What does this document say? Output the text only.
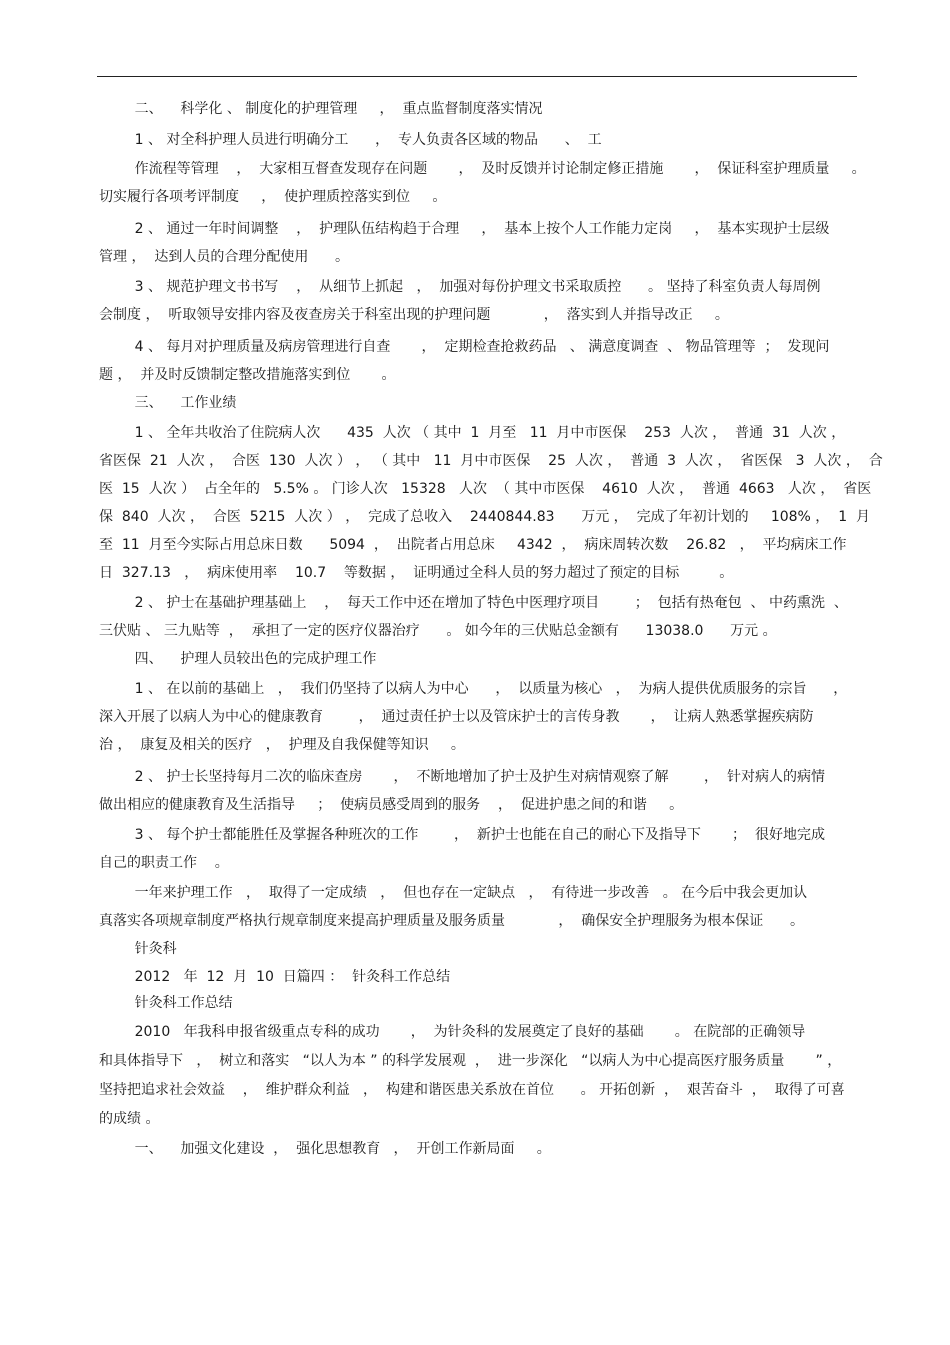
二、    科学化 、 制度化的护理管理     ，  重点监督制度落实情况

1 、 对全科护理人员进行明确分工      ，  专人负责各区域的物品      、  工

作流程等管理    ，  大家相互督查发现存在问题       ，  及时反馈并讨论制定修正措施       ，  保证科室护理质量     。

切实履行各项考评制度     ，  使护理质控落实到位     。

2 、 通过一年时间调整    ，  护理队伍结构趋于合理     ，  基本上按个人工作能力定岗     ，  基本实现护士层级

管理 ，  达到人员的合理分配使用      。

3 、 规范护理文书书写    ，  从细节上抓起   ，  加强对每份护理文书采取质控      。 坚持了科室负责人每周例

会制度 ，  听取领导安排内容及夜查房关于科室出现的护理问题            ，  落实到人并指导改正     。

4 、 每月对护理质量及病房管理进行自查       ，  定期检查抢救药品   、 满意度调查  、 物品管理等  ；  发现问

题 ，  并及时反馈制定整改措施落实到位       。

三、    工作业绩

1 、 全年共收治了住院病人次      435  人次 （ 其中  1  月至   11  月中市医保    253  人次 ，  普通  31  人次 ，

省医保  21  人次 ，  合医  130  人次 ） ， （ 其中   11  月中市医保    25  人次 ，  普通  3  人次 ，  省医保   3  人次 ，  合

医  15  人次 ）  占全年的   5.5% 。 门诊人次   15328   人次  （ 其中市医保    4610  人次 ，  普通  4663   人次 ，  省医

保  840  人次 ，  合医  5215  人次 ） ，  完成了总收入    2440844.83      万元 ，  完成了年初计划的     108% ，  1  月

至  11  月至今实际占用总床日数      5094  ，  出院者占用总床     4342  ，  病床周转次数    26.82   ，  平均病床工作

日  327.13   ，  病床使用率    10.7    等数据 ，  证明通过全科人员的努力超过了预定的目标         。

2 、 护士在基础护理基础上    ，  每天工作中还在增加了特色中医理疗项目        ；  包括有热奄包  、 中药熏洗  、

三伏贴 、 三九贴等  ，  承担了一定的医疗仪器治疗      。 如今年的三伏贴总金额有      13038.0      万元 。

四、    护理人员较出色的完成护理工作

1 、 在以前的基础上   ，  我们仍坚持了以病人为中心      ，  以质量为核心   ，  为病人提供优质服务的宗旨      ，

深入开展了以病人为中心的健康教育        ，  通过责任护士以及管床护士的言传身教       ，  让病人熟悉掌握疾病防

治 ，  康复及相关的医疗   ，  护理及自我保健等知识     。

2 、 护士长坚持每月二次的临床查房       ，  不断地增加了护士及护生对病情观察了解        ，  针对病人的病情

做出相应的健康教育及生活指导     ；  使病员感受周到的服务    ，  促进护患之间的和谐     。

3 、 每个护士都能胜任及掌握各种班次的工作        ，  新护士也能在自己的耐心下及指导下       ；  很好地完成

自己的职责工作    。

一年来护理工作   ，  取得了一定成绩   ，  但也存在一定缺点   ，  有待进一步改善   。 在今后中我会更加认

真落实各项规章制度严格执行规章制度来提高护理质量及服务质量            ，  确保安全护理服务为根本保证      。

针灸科

2012   年  12  月  10  日篇四 ：  针灸科工作总结

针灸科工作总结

2010   年我科申报省级重点专科的成功       ，  为针灸科的发展奠定了良好的基础       。 在院部的正确领导

和具体指导下   ，  树立和落实   “以人为本 ” 的科学发展观  ，  进一步深化   “以病人为中心提高医疗服务质量       ” ，

坚持把追求社会效益    ，  维护群众利益   ，  构建和谐医患关系放在首位      。 开拓创新  ，  艰苦奋斗  ，  取得了可喜

的成绩 。

一、    加强文化建设  ，  强化思想教育   ，  开创工作新局面     。
